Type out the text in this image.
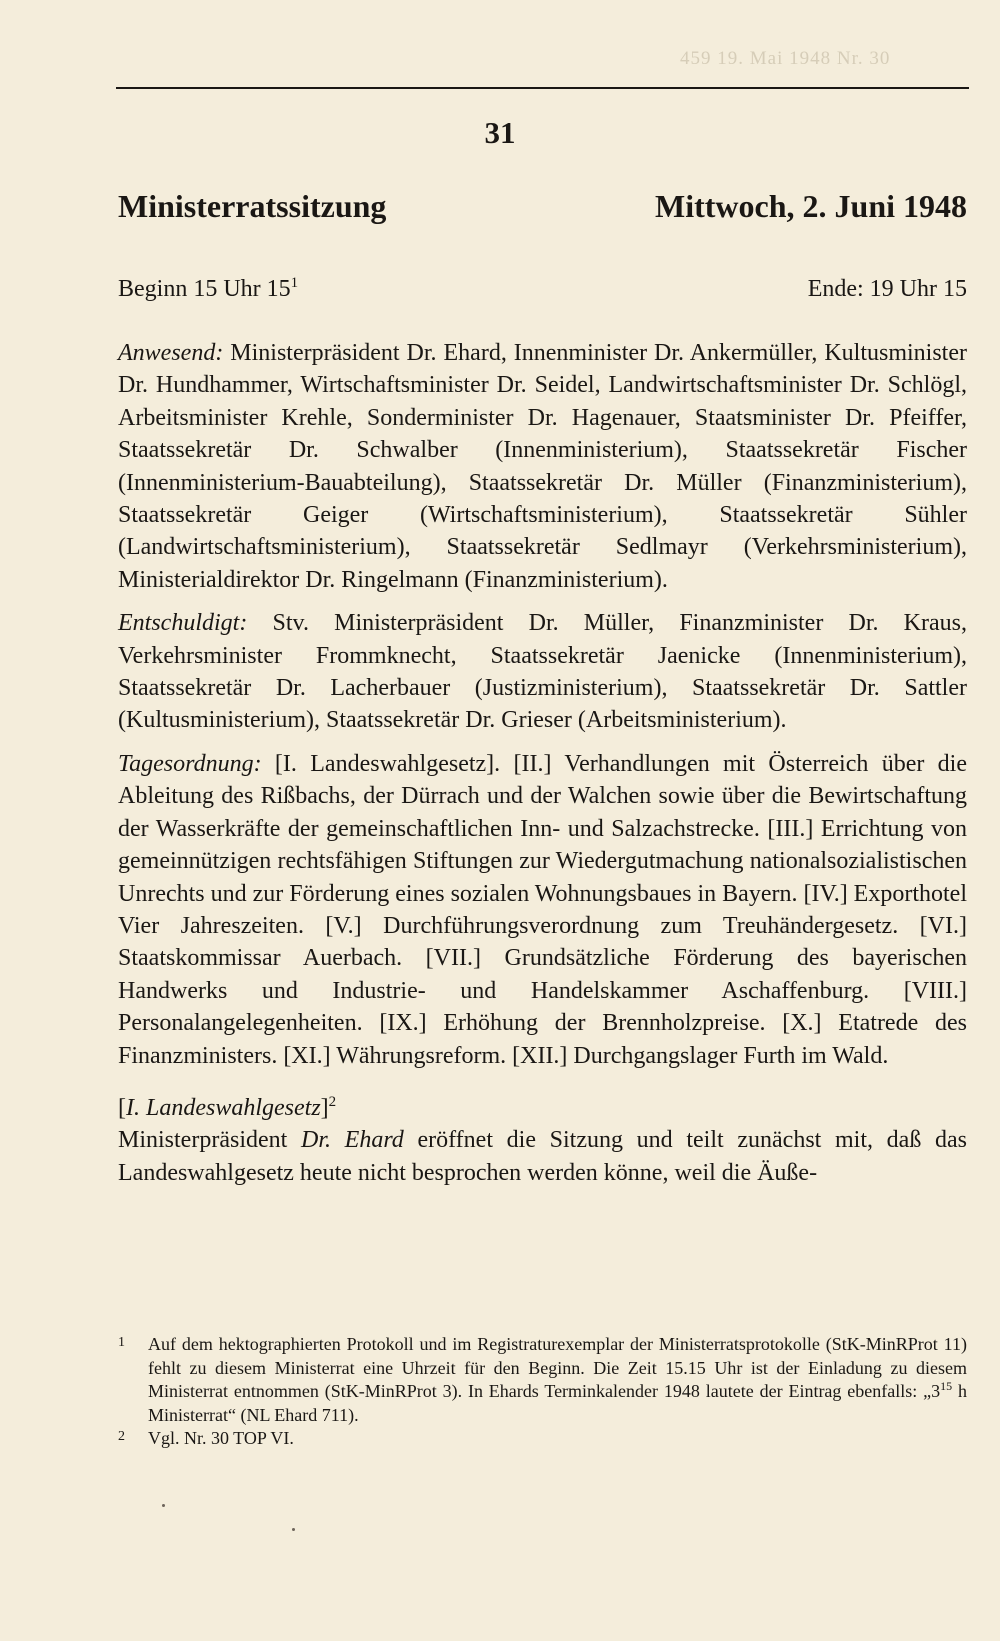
459 19. Mai 1948 Nr. 30
31
Ministerratssitzung	Mittwoch, 2. Juni 1948
Beginn 15 Uhr $15^1$	Ende: 19 Uhr 15

Anwesend: Ministerpräsident Dr. Ehard, Innenminister Dr. Ankermüller, Kultusminister Dr. Hundhammer, Wirtschaftsminister Dr. Seidel, Landwirtschaftsminister Dr. Schlögl, Arbeitsminister Krehle, Sonderminister Dr. Hagenauer, Staatsminister Dr. Pfeiffer, Staatssekretär Dr. Schwalber (Innenministerium), Staatssekretär Fischer (Innenministerium-Bauabteilung), Staatssekretär Dr. Müller (Finanzministerium), Staatssekretär Geiger (Wirtschaftsministerium), Staatssekretär Sühler (Landwirtschaftsministerium), Staatssekretär Sedlmayr (Verkehrsministerium), Ministerialdirektor Dr. Ringelmann (Finanzministerium).

Entschuldigt: Stv. Ministerpräsident Dr. Müller, Finanzminister Dr. Kraus, Verkehrsminister Frommknecht, Staatssekretär Jaenicke (Innenministerium), Staatssekretär Dr. Lacherbauer (Justizministerium), Staatssekretär Dr. Sattler (Kultusministerium), Staatssekretär Dr. Grieser (Arbeitsministerium).

Tagesordnung: [I. Landeswahlgesetz]. [II.] Verhandlungen mit Österreich über die Ableitung des Rißbachs, der Dürrach und der Walchen sowie über die Bewirtschaftung der Wasserkräfte der gemeinschaftlichen Inn- und Salzachstrecke. [III.] Errichtung von gemeinnützigen rechtsfähigen Stiftungen zur Wiedergutmachung nationalsozialistischen Unrechts und zur Förderung eines sozialen Wohnungsbaues in Bayern. [IV.] Exporthotel Vier Jahreszeiten. [V.] Durchführungsverordnung zum Treuhändergesetz. [VI.] Staatskommissar Auerbach. [VII.] Grundsätzliche Förderung des bayerischen Handwerks und Industrie- und Handelskammer Aschaffenburg. [VIII.] Personalangelegenheiten. [IX.] Erhöhung der Brennholzpreise. [X.] Etatrede des Finanzministers. [XI.] Währungsreform. [XII.] Durchgangslager Furth im Wald.

[I. Landeswahlgesetz]$^2$

Ministerpräsident Dr. Ehard eröffnet die Sitzung und teilt zunächst mit, daß das Landeswahlgesetz heute nicht besprochen werden könne, weil die Äuße-

1 Auf dem hektographierten Protokoll und im Registraturexemplar der Ministerratsprotokolle (StK-MinRProt 11) fehlt zu diesem Ministerrat eine Uhrzeit für den Beginn. Die Zeit 15.15 Uhr ist der Einladung zu diesem Ministerrat entnommen (StK-MinRProt 3). In Ehards Terminkalender 1948 lautete der Eintrag ebenfalls: $„3^{15}$ h Ministerrat“ (NL Ehard 711).

2 Vgl. Nr. 30 TOP VI.
